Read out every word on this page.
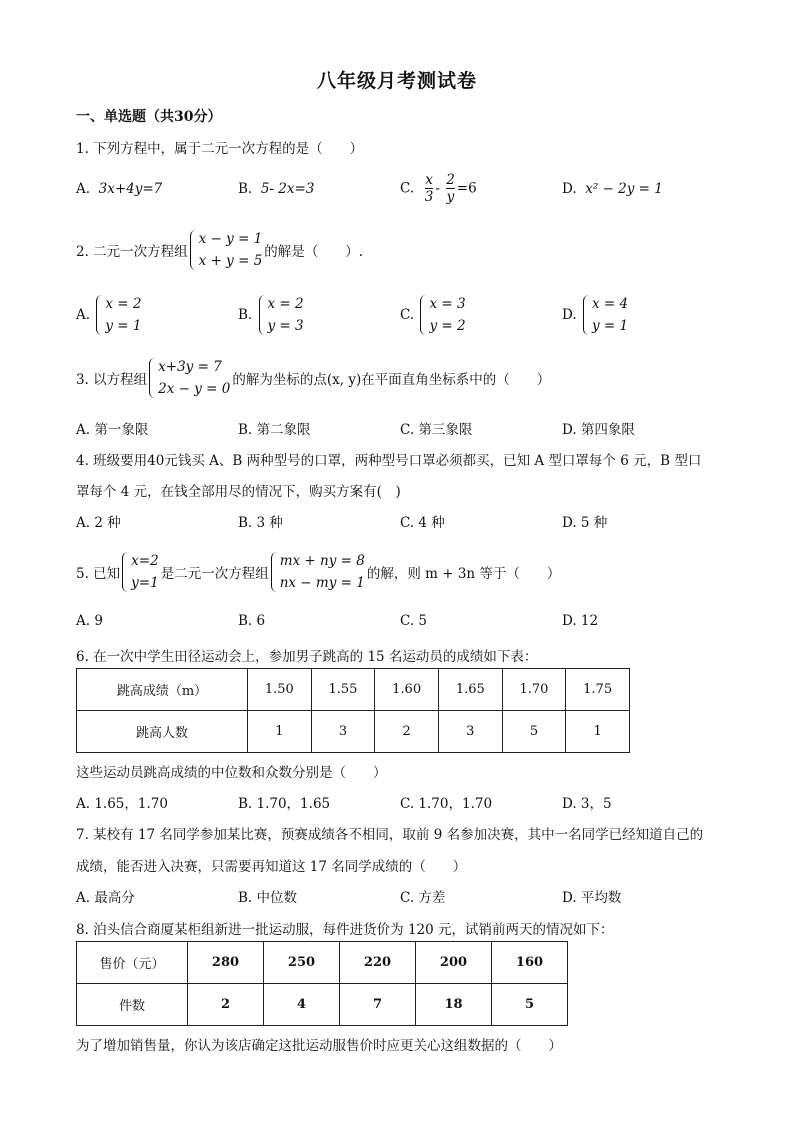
八年级月考测试卷
一、单选题（共30分）
1. 下列方程中，属于二元一次方程的是（　　）
A. 3x+4y=7	B. 5- 2x=3	C. $\frac{x}{3} - \frac{2}{y} =6$	D. x² − 2y = 1
2. 二元一次方程组
x − y = 1
x + y = 5
的解是（　　）.
A.
x = 2
y = 1
B.
x = 2
y = 3
C.
x = 3
y = 2
D.
x = 4
y = 1
3. 以方程组
x+3y = 7
2x − y = 0
的解为坐标的点(x, y)在平面直角坐标系中的（　　）
A. 第一象限	B. 第二象限	C. 第三象限	D. 第四象限
4. 班级要用40元钱买 A、B 两种型号的口罩，两种型号口罩必须都买，已知 A 型口罩每个 6 元，B 型口
罩每个 4 元，在钱全部用尽的情况下，购买方案有(　)
A. 2 种	B. 3 种	C. 4 种	D. 5 种
5. 已知
x=2
y=1
是二元一次方程组
mx + ny = 8
nx − my = 1
的解，则 m + 3n 等于（　　）
A. 9	B. 6	C. 5	D. 12
6. 在一次中学生田径运动会上，参加男子跳高的 15 名运动员的成绩如下表：
跳高成绩（m）	1.50	1.55	1.60	1.65	1.70	1.75
跳高人数	1	3	2	3	5	1
这些运动员跳高成绩的中位数和众数分别是（　　）
A. 1.65，1.70	B. 1.70，1.65	C. 1.70，1.70	D. 3，5
7. 某校有 17 名同学参加某比赛，预赛成绩各不相同，取前 9 名参加决赛，其中一名同学已经知道自己的
成绩，能否进入决赛，只需要再知道这 17 名同学成绩的（　　）
A. 最高分	B. 中位数	C. 方差	D. 平均数
8. 泊头信合商厦某柜组新进一批运动服，每件进货价为 120 元，试销前两天的情况如下：
售价（元）	280	250	220	200	160
件数	2	4	7	18	5
为了增加销售量，你认为该店确定这批运动服售价时应更关心这组数据的（　　）
